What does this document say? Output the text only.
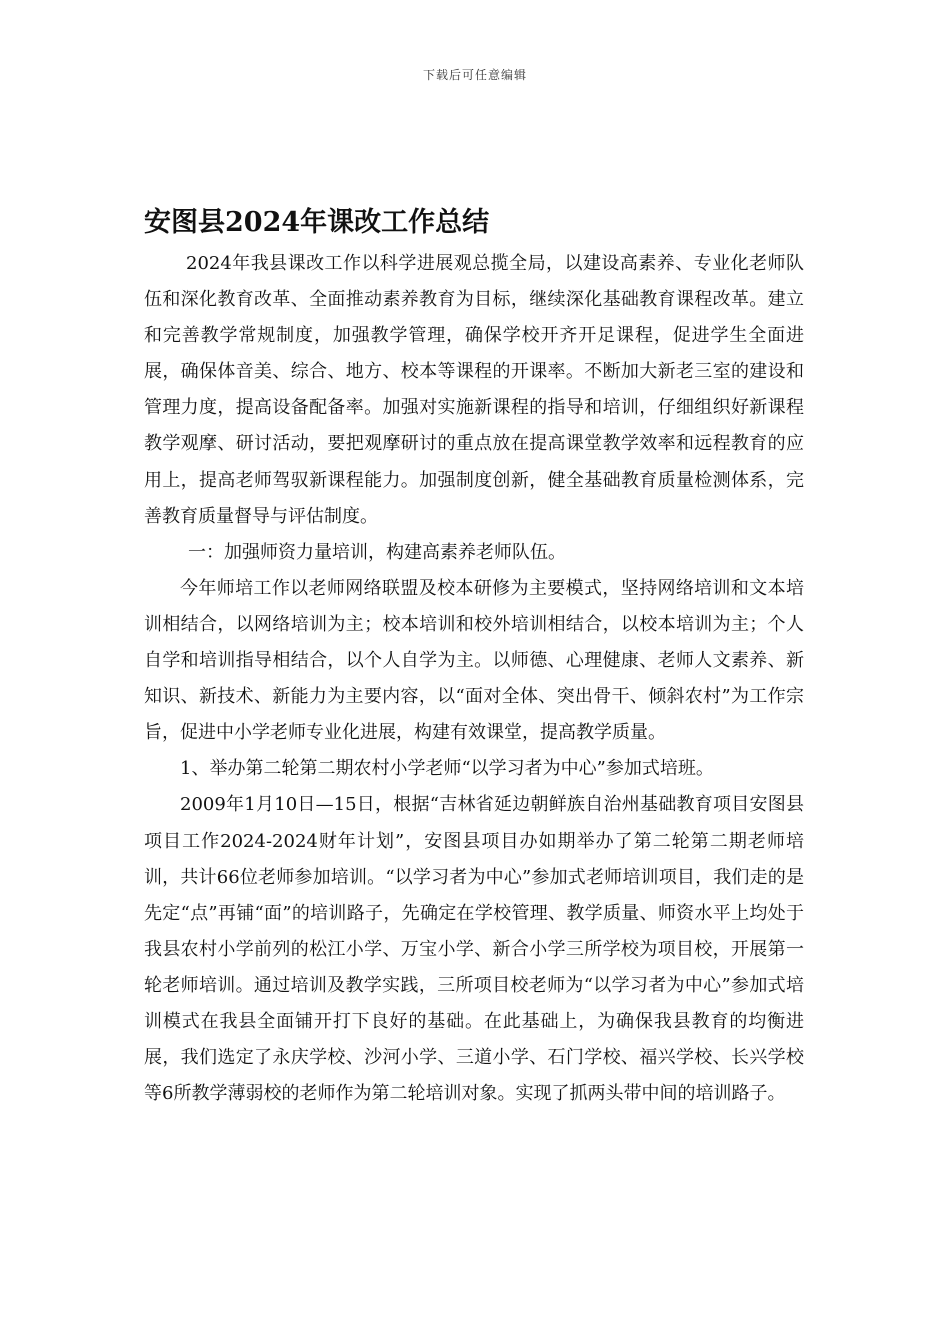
下载后可任意编辑
安图县2024年课改工作总结

2024年我县课改工作以科学进展观总揽全局，以建设高素养、专业化老师队伍和深化教育改革、全面推动素养教育为目标，继续深化基础教育课程改革。建立和完善教学常规制度，加强教学管理，确保学校开齐开足课程，促进学生全面进展，确保体音美、综合、地方、校本等课程的开课率。不断加大新老三室的建设和管理力度，提高设备配备率。加强对实施新课程的指导和培训，仔细组织好新课程教学观摩、研讨活动，要把观摩研讨的重点放在提高课堂教学效率和远程教育的应用上，提高老师驾驭新课程能力。加强制度创新，健全基础教育质量检测体系，完善教育质量督导与评估制度。

一：加强师资力量培训，构建高素养老师队伍。

今年师培工作以老师网络联盟及校本研修为主要模式，坚持网络培训和文本培训相结合，以网络培训为主；校本培训和校外培训相结合，以校本培训为主；个人自学和培训指导相结合，以个人自学为主。以师德、心理健康、老师人文素养、新知识、新技术、新能力为主要内容，以“面对全体、突出骨干、倾斜农村”为工作宗旨，促进中小学老师专业化进展，构建有效课堂，提高教学质量。

1、举办第二轮第二期农村小学老师“以学习者为中心”参加式培班。

2009年1月10日—15日，根据“吉林省延边朝鲜族自治州基础教育项目安图县项目工作2024-2024财年计划”，安图县项目办如期举办了第二轮第二期老师培训，共计66位老师参加培训。“以学习者为中心”参加式老师培训项目，我们走的是先定“点”再铺“面”的培训路子，先确定在学校管理、教学质量、师资水平上均处于我县农村小学前列的松江小学、万宝小学、新合小学三所学校为项目校，开展第一轮老师培训。通过培训及教学实践，三所项目校老师为“以学习者为中心”参加式培训模式在我县全面铺开打下良好的基础。在此基础上，为确保我县教育的均衡进展，我们选定了永庆学校、沙河小学、三道小学、石门学校、福兴学校、长兴学校等6所教学薄弱校的老师作为第二轮培训对象。实现了抓两头带中间的培训路子。
